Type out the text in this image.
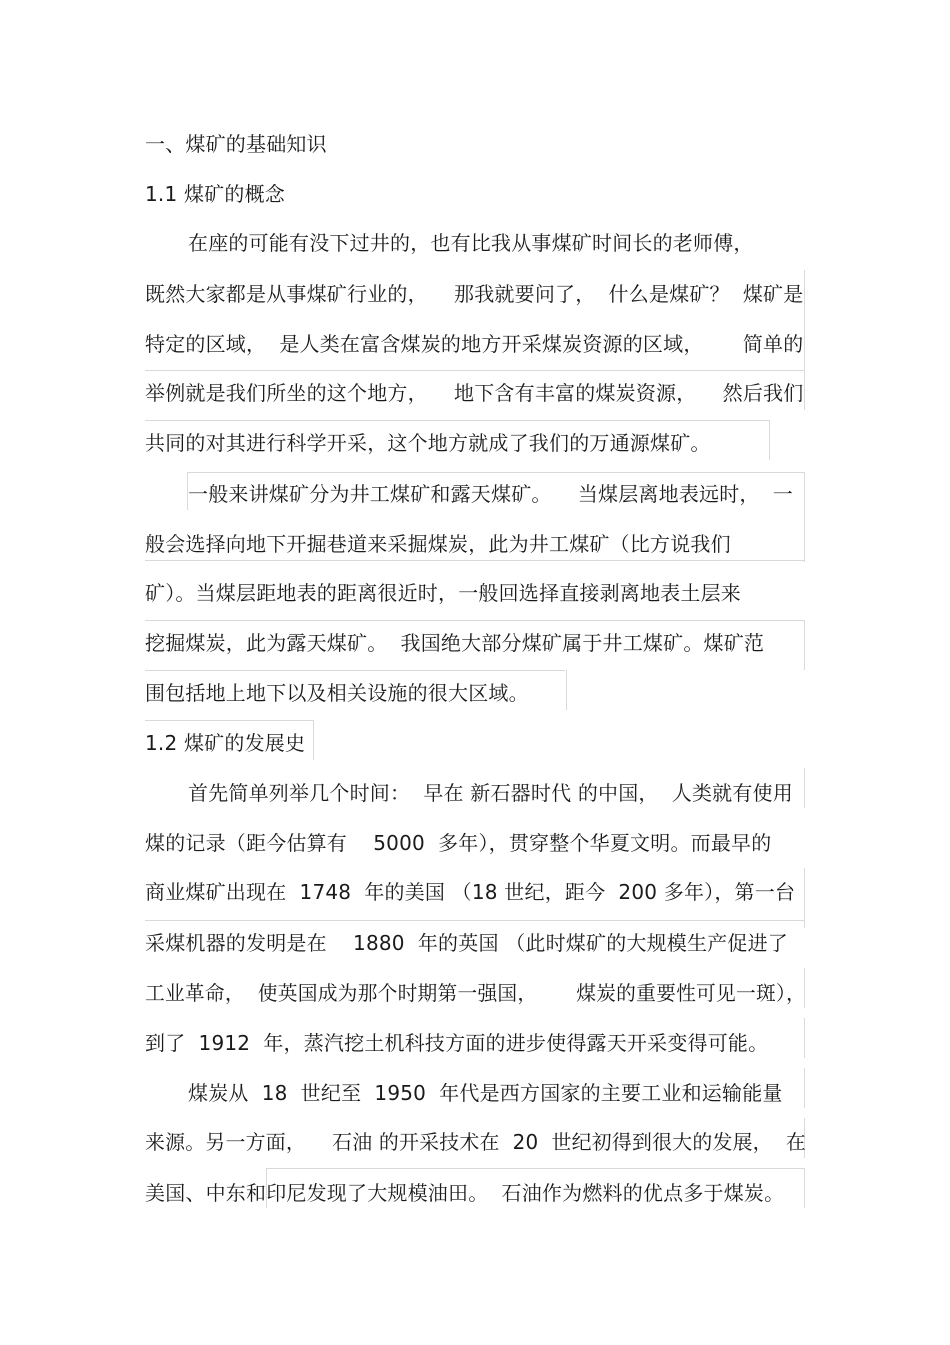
一、煤矿的基础知识

1.1 煤矿的概念

在座的可能有没下过井的，也有比我从事煤矿时间长的老师傅，

既然大家都是从事煤矿行业的，    那我就要问了，  什么是煤矿？  煤矿是

特定的区域，  是人类在富含煤炭的地方开采煤炭资源的区域，      简单的

举例就是我们所坐的这个地方，    地下含有丰富的煤炭资源，    然后我们

共同的对其进行科学开采，这个地方就成了我们的万通源煤矿。

一般来讲煤矿分为井工煤矿和露天煤矿。    当煤层离地表远时，  一

般会选择向地下开掘巷道来采掘煤炭，此为井工煤矿（比方说我们

矿）。当煤层距地表的距离很近时，一般回选择直接剥离地表土层来

挖掘煤炭，此为露天煤矿。  我国绝大部分煤矿属于井工煤矿。煤矿范

围包括地上地下以及相关设施的很大区域。

1.2 煤矿的发展史

首先简单列举几个时间：  早在 新石器时代 的中国，  人类就有使用

煤的记录（距今估算有    5000  多年），贯穿整个华夏文明。而最早的

商业煤矿出现在  1748  年的美国 （18 世纪，距今  200 多年），第一台

采煤机器的发明是在    1880  年的英国 （此时煤矿的大规模生产促进了

工业革命，  使英国成为那个时期第一强国，      煤炭的重要性可见一斑），

到了  1912  年，蒸汽挖土机科技方面的进步使得露天开采变得可能。

煤炭从  18  世纪至  1950  年代是西方国家的主要工业和运输能量

来源。另一方面，    石油 的开采技术在  20  世纪初得到很大的发展，  在

美国、中东和印尼发现了大规模油田。  石油作为燃料的优点多于煤炭。
